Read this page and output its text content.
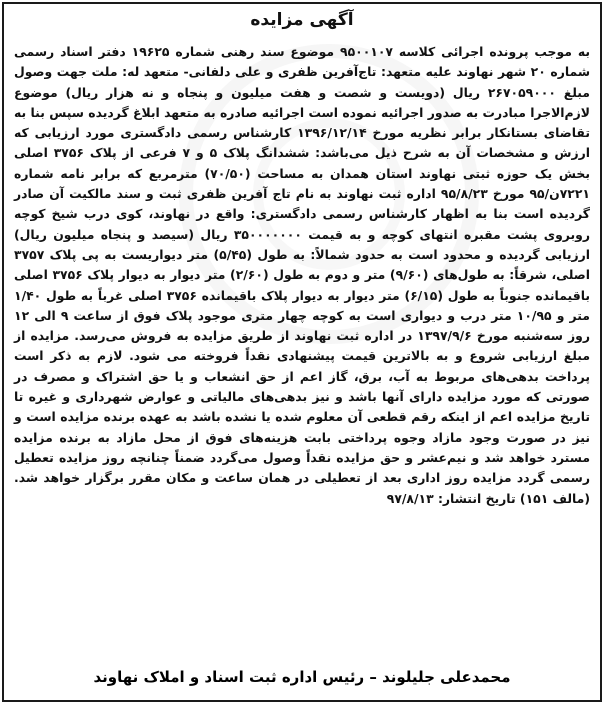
آگهی مزایده

به موجب پرونده اجرائی کلاسه ۹۵۰۰۱۰۷ موضوع سند رهنی شماره ۱۹۶۲۵ دفتر اسناد رسمی شماره ۲۰ شهر نهاوند علیه متعهد: تاج‌آفرین ظفری و علی دلفانی- متعهد له: ملت جهت وصول مبلغ ۲۶۷۰۵۹۰۰۰ ریال (دویست و شصت و هفت میلیون و پنجاه و نه هزار ریال) موضوع لازم‌الاجرا مبادرت به صدور اجرائیه نموده است اجرائیه صادره به متعهد ابلاغ گردیده سپس بنا به تقاضای بستانکار برابر نظریه مورخ ۱۳۹۶/۱۲/۱۴ کارشناس رسمی دادگستری مورد ارزیابی که ارزش و مشخصات آن به شرح ذیل می‌باشد: ششدانگ پلاک ۵ و ۷ فرعی از پلاک ۳۷۵۶ اصلی بخش یک حوزه ثبتی نهاوند استان همدان به مساحت (۷۰/۵۰) مترمربع که برابر نامه شماره ۷۲۲۱ن/۹۵ مورخ ۹۵/۸/۲۳ اداره ثبت نهاوند به نام تاج آفرین ظفری ثبت و سند مالکیت آن صادر گردیده است بنا به اظهار کارشناس رسمی دادگستری: واقع در نهاوند، کوی درب شیخ کوچه روبروی پشت مقبره انتهای کوچه و به قیمت ۳۵۰۰۰۰۰۰۰ ریال (سیصد و پنجاه میلیون ریال) ارزیابی گردیده و محدود است به حدود شمالاً: به طول (۵/۴۵) متر دیواریست به پی پلاک ۳۷۵۷ اصلی، شرقاً: به طول‌های (۹/۶۰) متر و دوم به طول (۲/۶۰) متر دیوار به دیوار پلاک ۳۷۵۶ اصلی باقیمانده جنوباً به طول (۶/۱۵) متر دیوار به دیوار پلاک باقیمانده ۳۷۵۶ اصلی غرباً به طول ۱/۴۰ متر و ۱۰/۹۵ متر درب و دیواری است به کوچه چهار متری موجود پلاک فوق از ساعت ۹ الی ۱۲ روز سه‌شنبه مورخ ۱۳۹۷/۹/۶ در اداره ثبت نهاوند از طریق مزایده به فروش می‌رسد. مزایده از مبلغ ارزیابی شروع و به بالاترین قیمت پیشنهادی نقداً فروخته می شود. لازم به ذکر است پرداخت بدهی‌های مربوط به آب، برق، گاز اعم از حق انشعاب و یا حق اشتراک و مصرف در صورتی که مورد مزایده دارای آنها باشد و نیز بدهی‌های مالیاتی و عوارض شهرداری و غیره تا تاریخ مزایده اعم از اینکه رقم قطعی آن معلوم شده یا نشده باشد به عهده برنده مزایده است و نیز در صورت وجود مازاد وجوه پرداختی بابت هزینه‌های فوق از محل مازاد به برنده مزایده مسترد خواهد شد و نیم‌عشر و حق مزایده نقداً وصول می‌گردد ضمناً چنانچه روز مزایده تعطیل رسمی گردد مزایده روز اداری بعد از تعطیلی در همان ساعت و مکان مقرر برگزار خواهد شد. (مالف ۱۵۱) تاریخ انتشار: ۹۷/۸/۱۳

محمدعلی جلیلوند – رئیس اداره ثبت اسناد و املاک نهاوند
